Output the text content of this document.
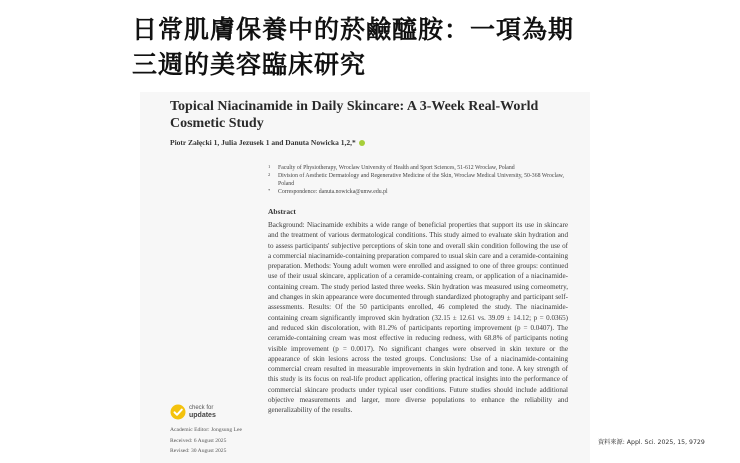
日常肌膚保養中的菸鹼醯胺：一項為期
三週的美容臨床研究
Topical Niacinamide in Daily Skincare: A 3-Week Real-World Cosmetic Study
Piotr Załęcki 1, Julia Jezusek 1 and Danuta Nowicka 1,2,*
1 Faculty of Physiotherapy, Wroclaw University of Health and Sport Sciences, 51-612 Wroclaw, Poland
2 Division of Aesthetic Dermatology and Regenerative Medicine of the Skin, Wroclaw Medical University, 50-368 Wroclaw, Poland
* Correspondence: danuta.nowicka@umw.edu.pl
Abstract
Background: Niacinamide exhibits a wide range of beneficial properties that support its use in skincare and the treatment of various dermatological conditions. This study aimed to evaluate skin hydration and to assess participants' subjective perceptions of skin tone and overall skin condition following the use of a commercial niacinamide-containing preparation compared to usual skin care and a ceramide-containing preparation. Methods: Young adult women were enrolled and assigned to one of three groups: continued use of their usual skincare, application of a ceramide-containing cream, or application of a niacinamide-containing cream. The study period lasted three weeks. Skin hydration was measured using corneometry, and changes in skin appearance were documented through standardized photography and participant self-assessments. Results: Of the 50 participants enrolled, 46 completed the study. The niacinamide-containing cream significantly improved skin hydration (32.15 ± 12.61 vs. 39.09 ± 14.12; p = 0.0365) and reduced skin discoloration, with 81.2% of participants reporting improvement (p = 0.0407). The ceramide-containing cream was most effective in reducing redness, with 68.8% of participants noting visible improvement (p = 0.0017). No significant changes were observed in skin texture or the appearance of skin lesions across the tested groups. Conclusions: Use of a niacinamide-containing commercial cream resulted in measurable improvements in skin hydration and tone. A key strength of this study is its focus on real-life product application, offering practical insights into the performance of commercial skincare products under typical user conditions. Future studies should include additional objective measurements and larger, more diverse populations to enhance the reliability and generalizability of the results.
check for
updates
Academic Editor: Jongsung Lee
Received: 6 August 2025
Revised: 30 August 2025
資料來源: Appl. Sci. 2025, 15, 9729
